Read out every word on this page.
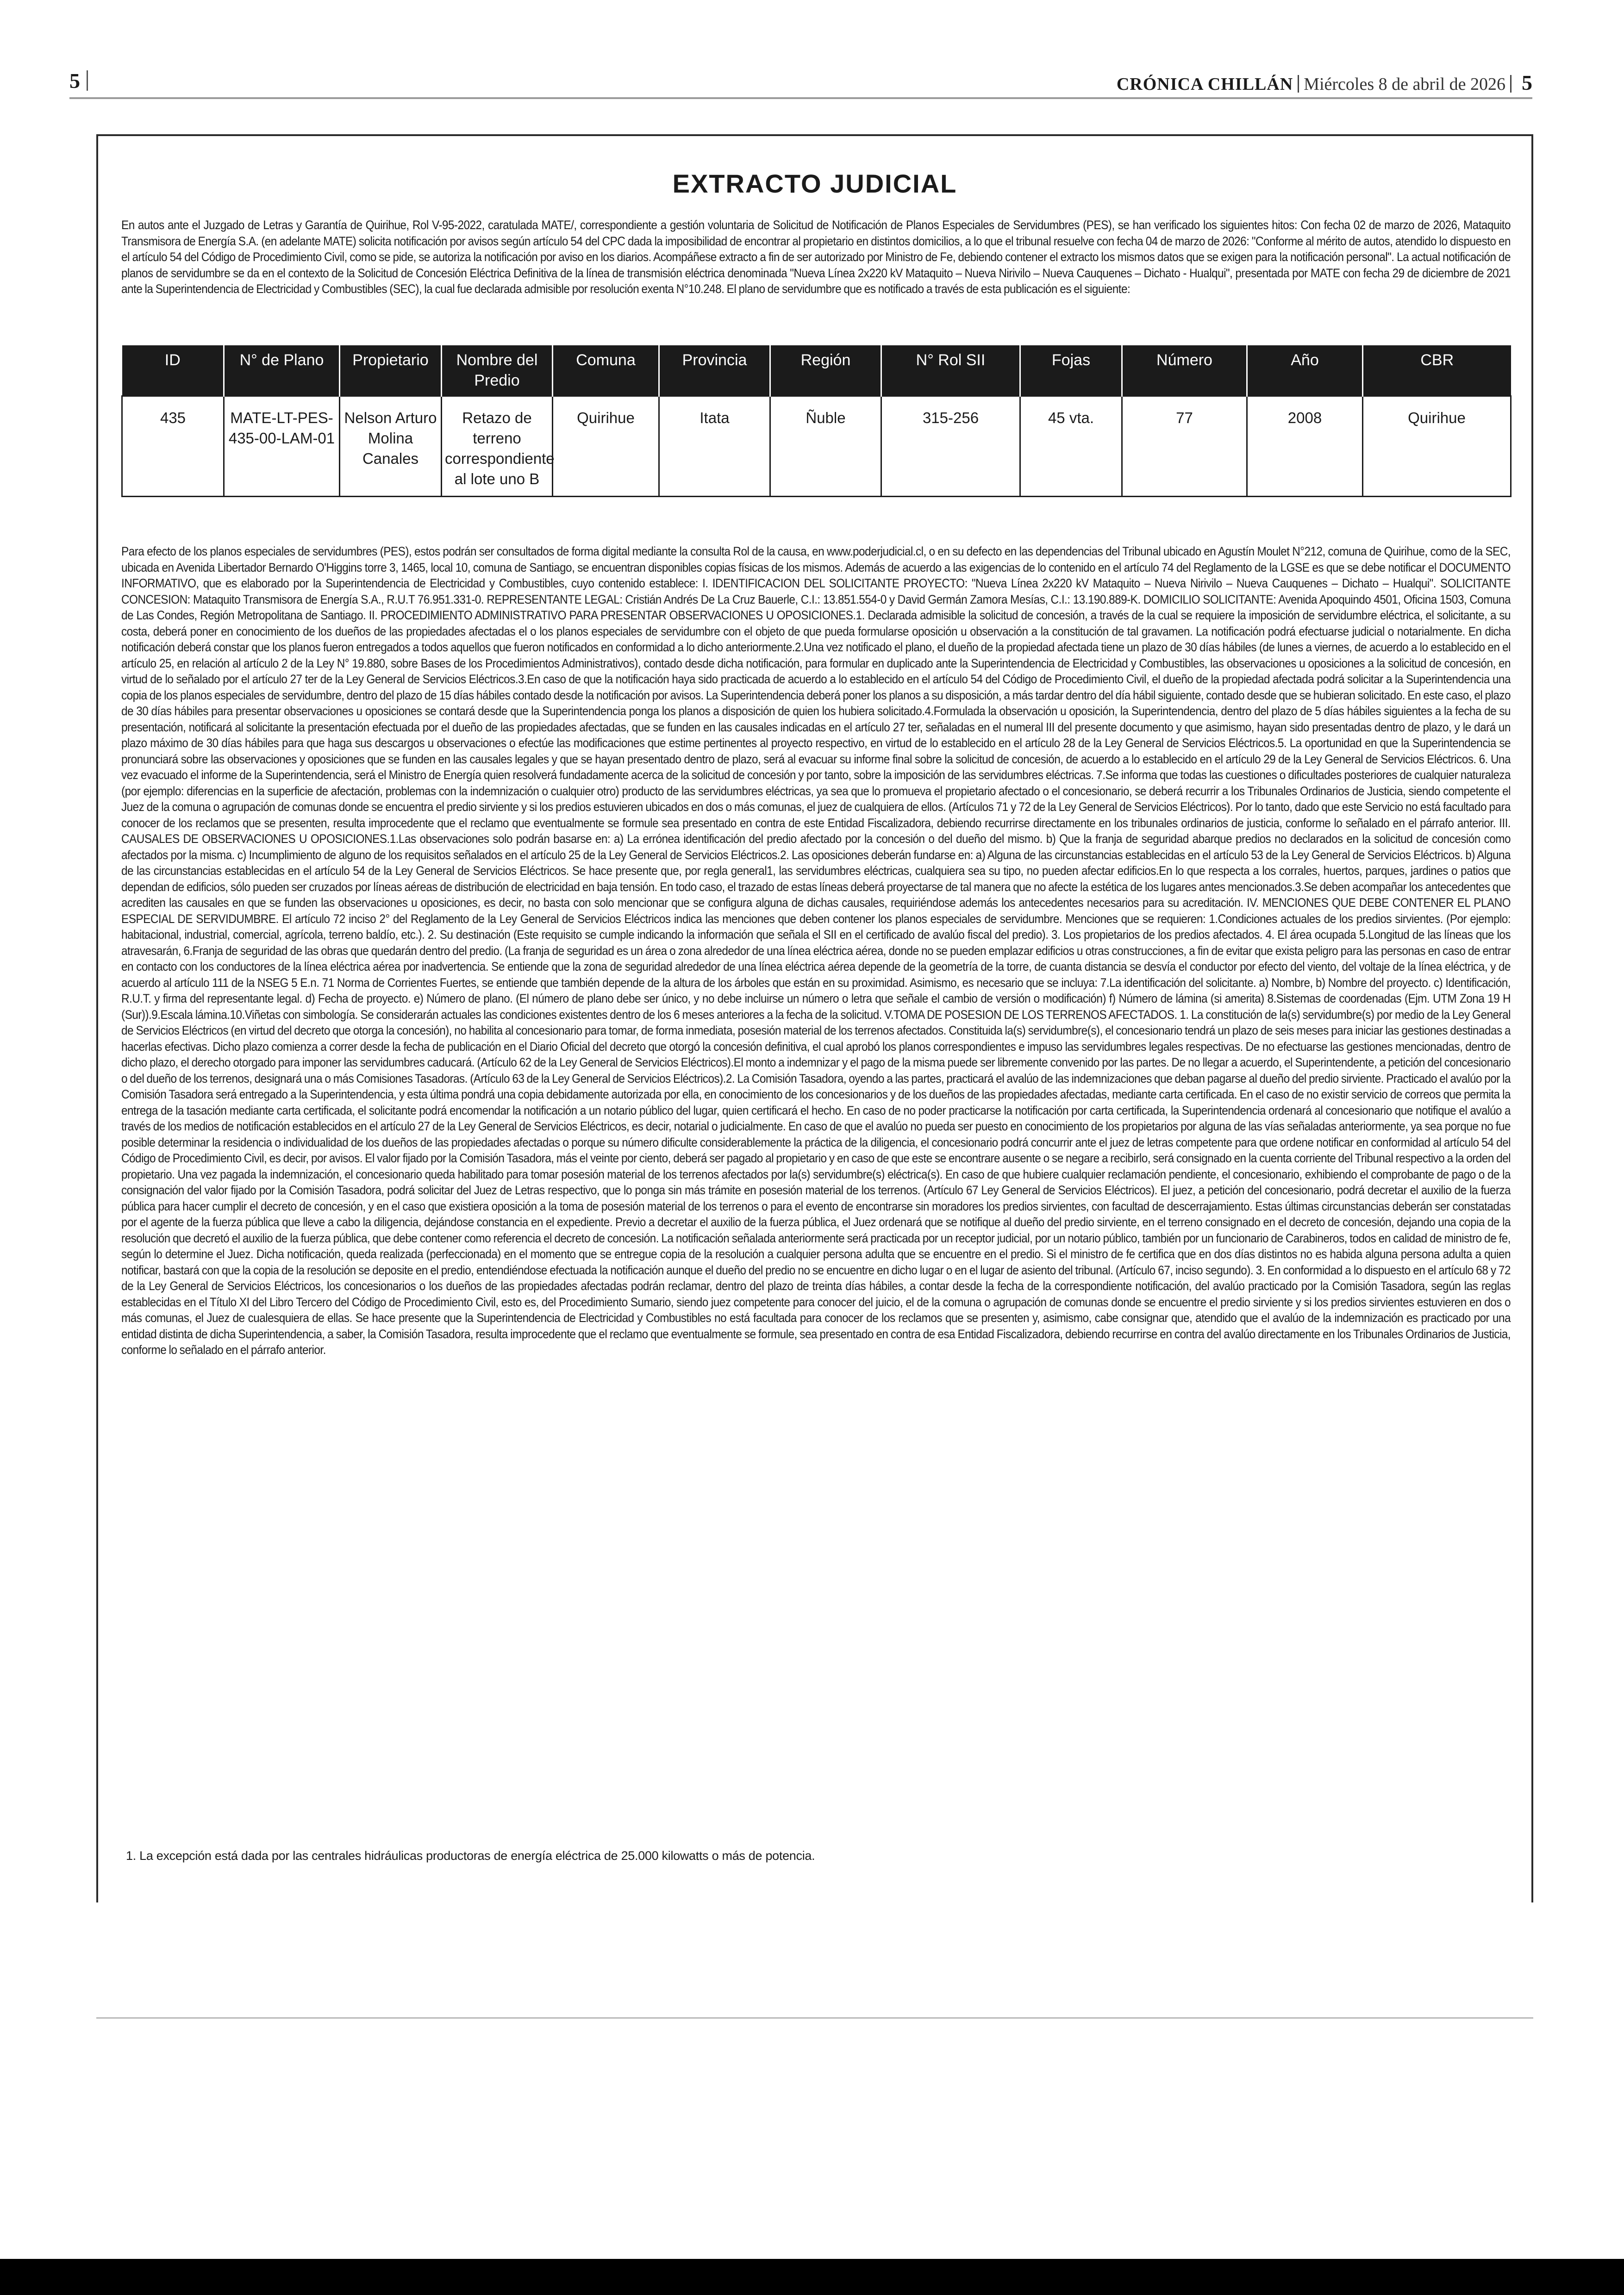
5	CRÓNICA CHILLÁN Miércoles 8 de abril de 2026 5
EXTRACTO JUDICIAL
En autos ante el Juzgado de Letras y Garantía de Quirihue, Rol V-95-2022, caratulada MATE/, correspondiente a gestión voluntaria de Solicitud de Notificación de Planos Especiales de Servidumbres (PES), se han verificado los siguientes hitos: Con fecha 02 de marzo de 2026, Mataquito Transmisora de Energía S.A. (en adelante MATE) solicita notificación por avisos según artículo 54 del CPC dada la imposibilidad de encontrar al propietario en distintos domicilios, a lo que el tribunal resuelve con fecha 04 de marzo de 2026: "Conforme al mérito de autos, atendido lo dispuesto en el artículo 54 del Código de Procedimiento Civil, como se pide, se autoriza la notificación por aviso en los diarios. Acompáñese extracto a fin de ser autorizado por Ministro de Fe, debiendo contener el extracto los mismos datos que se exigen para la notificación personal". La actual notificación de planos de servidumbre se da en el contexto de la Solicitud de Concesión Eléctrica Definitiva de la línea de transmisión eléctrica denominada "Nueva Línea 2x220 kV Mataquito – Nueva Nirivilo – Nueva Cauquenes – Dichato - Hualqui", presentada por MATE con fecha 29 de diciembre de 2021 ante la Superintendencia de Electricidad y Combustibles (SEC), la cual fue declarada admisible por resolución exenta N°10.248. El plano de servidumbre que es notificado a través de esta publicación es el siguiente:
ID	N° de Plano	Propietario	Nombre del Predio	Comuna	Provincia	Región	N° Rol SII	Fojas	Número	Año	CBR
435	MATE-LT-PES-435-00-LAM-01	Nelson Arturo Molina Canales	Retazo de terreno correspondiente al lote uno B	Quirihue	Itata	Ñuble	315-256	45 vta.	77	2008	Quirihue
Para efecto de los planos especiales de servidumbres (PES), estos podrán ser consultados de forma digital mediante la consulta Rol de la causa, en www.poderjudicial.cl, o en su defecto en las dependencias del Tribunal ubicado en Agustín Moulet N°212, comuna de Quirihue, como de la SEC, ubicada en Avenida Libertador Bernardo O'Higgins torre 3, 1465, local 10, comuna de Santiago, se encuentran disponibles copias físicas de los mismos. Además de acuerdo a las exigencias de lo contenido en el artículo 74 del Reglamento de la LGSE es que se debe notificar el DOCUMENTO INFORMATIVO, que es elaborado por la Superintendencia de Electricidad y Combustibles, cuyo contenido establece: I. IDENTIFICACION DEL SOLICITANTE PROYECTO: "Nueva Línea 2x220 kV Mataquito – Nueva Nirivilo – Nueva Cauquenes – Dichato – Hualqui". SOLICITANTE CONCESION: Mataquito Transmisora de Energía S.A., R.U.T 76.951.331-0. REPRESENTANTE LEGAL: Cristián Andrés De La Cruz Bauerle, C.I.: 13.851.554-0 y David Germán Zamora Mesías, C.I.: 13.190.889-K. DOMICILIO SOLICITANTE: Avenida Apoquindo 4501, Oficina 1503, Comuna de Las Condes, Región Metropolitana de Santiago. II. PROCEDIMIENTO ADMINISTRATIVO PARA PRESENTAR OBSERVACIONES U OPOSICIONES.1. Declarada admisible la solicitud de concesión, a través de la cual se requiere la imposición de servidumbre eléctrica, el solicitante, a su costa, deberá poner en conocimiento de los dueños de las propiedades afectadas el o los planos especiales de servidumbre con el objeto de que pueda formularse oposición u observación a la constitución de tal gravamen. La notificación podrá efectuarse judicial o notarialmente. En dicha notificación deberá constar que los planos fueron entregados a todos aquellos que fueron notificados en conformidad a lo dicho anteriormente.2.Una vez notificado el plano, el dueño de la propiedad afectada tiene un plazo de 30 días hábiles (de lunes a viernes, de acuerdo a lo establecido en el artículo 25, en relación al artículo 2 de la Ley N° 19.880, sobre Bases de los Procedimientos Administrativos), contado desde dicha notificación, para formular en duplicado ante la Superintendencia de Electricidad y Combustibles, las observaciones u oposiciones a la solicitud de concesión, en virtud de lo señalado por el artículo 27 ter de la Ley General de Servicios Eléctricos.3.En caso de que la notificación haya sido practicada de acuerdo a lo establecido en el artículo 54 del Código de Procedimiento Civil, el dueño de la propiedad afectada podrá solicitar a la Superintendencia una copia de los planos especiales de servidumbre, dentro del plazo de 15 días hábiles contado desde la notificación por avisos. La Superintendencia deberá poner los planos a su disposición, a más tardar dentro del día hábil siguiente, contado desde que se hubieran solicitado. En este caso, el plazo de 30 días hábiles para presentar observaciones u oposiciones se contará desde que la Superintendencia ponga los planos a disposición de quien los hubiera solicitado.4.Formulada la observación u oposición, la Superintendencia, dentro del plazo de 5 días hábiles siguientes a la fecha de su presentación, notificará al solicitante la presentación efectuada por el dueño de las propiedades afectadas, que se funden en las causales indicadas en el artículo 27 ter, señaladas en el numeral III del presente documento y que asimismo, hayan sido presentadas dentro de plazo, y le dará un plazo máximo de 30 días hábiles para que haga sus descargos u observaciones o efectúe las modificaciones que estime pertinentes al proyecto respectivo, en virtud de lo establecido en el artículo 28 de la Ley General de Servicios Eléctricos.5. La oportunidad en que la Superintendencia se pronunciará sobre las observaciones y oposiciones que se funden en las causales legales y que se hayan presentado dentro de plazo, será al evacuar su informe final sobre la solicitud de concesión, de acuerdo a lo establecido en el artículo 29 de la Ley General de Servicios Eléctricos. 6. Una vez evacuado el informe de la Superintendencia, será el Ministro de Energía quien resolverá fundadamente acerca de la solicitud de concesión y por tanto, sobre la imposición de las servidumbres eléctricas. 7.Se informa que todas las cuestiones o dificultades posteriores de cualquier naturaleza (por ejemplo: diferencias en la superficie de afectación, problemas con la indemnización o cualquier otro) producto de las servidumbres eléctricas, ya sea que lo promueva el propietario afectado o el concesionario, se deberá recurrir a los Tribunales Ordinarios de Justicia, siendo competente el Juez de la comuna o agrupación de comunas donde se encuentra el predio sirviente y si los predios estuvieren ubicados en dos o más comunas, el juez de cualquiera de ellos. (Artículos 71 y 72 de la Ley General de Servicios Eléctricos). Por lo tanto, dado que este Servicio no está facultado para conocer de los reclamos que se presenten, resulta improcedente que el reclamo que eventualmente se formule sea presentado en contra de este Entidad Fiscalizadora, debiendo recurrirse directamente en los tribunales ordinarios de justicia, conforme lo señalado en el párrafo anterior. III. CAUSALES DE OBSERVACIONES U OPOSICIONES.1.Las observaciones solo podrán basarse en: a) La errónea identificación del predio afectado por la concesión o del dueño del mismo. b) Que la franja de seguridad abarque predios no declarados en la solicitud de concesión como afectados por la misma. c) Incumplimiento de alguno de los requisitos señalados en el artículo 25 de la Ley General de Servicios Eléctricos.2. Las oposiciones deberán fundarse en: a) Alguna de las circunstancias establecidas en el artículo 53 de la Ley General de Servicios Eléctricos. b) Alguna de las circunstancias establecidas en el artículo 54 de la Ley General de Servicios Eléctricos. Se hace presente que, por regla general1, las servidumbres eléctricas, cualquiera sea su tipo, no pueden afectar edificios.En lo que respecta a los corrales, huertos, parques, jardines o patios que dependan de edificios, sólo pueden ser cruzados por líneas aéreas de distribución de electricidad en baja tensión. En todo caso, el trazado de estas líneas deberá proyectarse de tal manera que no afecte la estética de los lugares antes mencionados.3.Se deben acompañar los antecedentes que acrediten las causales en que se funden las observaciones u oposiciones, es decir, no basta con solo mencionar que se configura alguna de dichas causales, requiriéndose además los antecedentes necesarios para su acreditación. IV. MENCIONES QUE DEBE CONTENER EL PLANO ESPECIAL DE SERVIDUMBRE. El artículo 72 inciso 2° del Reglamento de la Ley General de Servicios Eléctricos indica las menciones que deben contener los planos especiales de servidumbre. Menciones que se requieren: 1.Condiciones actuales de los predios sirvientes. (Por ejemplo: habitacional, industrial, comercial, agrícola, terreno baldío, etc.). 2. Su destinación (Este requisito se cumple indicando la información que señala el SII en el certificado de avalúo fiscal del predio). 3. Los propietarios de los predios afectados. 4. El área ocupada 5.Longitud de las líneas que los atravesarán, 6.Franja de seguridad de las obras que quedarán dentro del predio. (La franja de seguridad es un área o zona alrededor de una línea eléctrica aérea, donde no se pueden emplazar edificios u otras construcciones, a fin de evitar que exista peligro para las personas en caso de entrar en contacto con los conductores de la línea eléctrica aérea por inadvertencia. Se entiende que la zona de seguridad alrededor de una línea eléctrica aérea depende de la geometría de la torre, de cuanta distancia se desvía el conductor por efecto del viento, del voltaje de la línea eléctrica, y de acuerdo al artículo 111 de la NSEG 5 E.n. 71 Norma de Corrientes Fuertes, se entiende que también depende de la altura de los árboles que están en su proximidad. Asimismo, es necesario que se incluya: 7.La identificación del solicitante. a) Nombre, b) Nombre del proyecto. c) Identificación, R.U.T. y firma del representante legal. d) Fecha de proyecto. e) Número de plano. (El número de plano debe ser único, y no debe incluirse un número o letra que señale el cambio de versión o modificación) f) Número de lámina (si amerita) 8.Sistemas de coordenadas (Ejm. UTM Zona 19 H (Sur)).9.Escala lámina.10.Viñetas con simbología. Se considerarán actuales las condiciones existentes dentro de los 6 meses anteriores a la fecha de la solicitud. V.TOMA DE POSESION DE LOS TERRENOS AFECTADOS. 1. La constitución de la(s) servidumbre(s) por medio de la Ley General de Servicios Eléctricos (en virtud del decreto que otorga la concesión), no habilita al concesionario para tomar, de forma inmediata, posesión material de los terrenos afectados. Constituida la(s) servidumbre(s), el concesionario tendrá un plazo de seis meses para iniciar las gestiones destinadas a hacerlas efectivas. Dicho plazo comienza a correr desde la fecha de publicación en el Diario Oficial del decreto que otorgó la concesión definitiva, el cual aprobó los planos correspondientes e impuso las servidumbres legales respectivas. De no efectuarse las gestiones mencionadas, dentro de dicho plazo, el derecho otorgado para imponer las servidumbres caducará. (Artículo 62 de la Ley General de Servicios Eléctricos).El monto a indemnizar y el pago de la misma puede ser libremente convenido por las partes. De no llegar a acuerdo, el Superintendente, a petición del concesionario o del dueño de los terrenos, designará una o más Comisiones Tasadoras. (Artículo 63 de la Ley General de Servicios Eléctricos).2. La Comisión Tasadora, oyendo a las partes, practicará el avalúo de las indemnizaciones que deban pagarse al dueño del predio sirviente. Practicado el avalúo por la Comisión Tasadora será entregado a la Superintendencia, y esta última pondrá una copia debidamente autorizada por ella, en conocimiento de los concesionarios y de los dueños de las propiedades afectadas, mediante carta certificada. En el caso de no existir servicio de correos que permita la entrega de la tasación mediante carta certificada, el solicitante podrá encomendar la notificación a un notario público del lugar, quien certificará el hecho. En caso de no poder practicarse la notificación por carta certificada, la Superintendencia ordenará al concesionario que notifique el avalúo a través de los medios de notificación establecidos en el artículo 27 de la Ley General de Servicios Eléctricos, es decir, notarial o judicialmente. En caso de que el avalúo no pueda ser puesto en conocimiento de los propietarios por alguna de las vías señaladas anteriormente, ya sea porque no fue posible determinar la residencia o individualidad de los dueños de las propiedades afectadas o porque su número dificulte considerablemente la práctica de la diligencia, el concesionario podrá concurrir ante el juez de letras competente para que ordene notificar en conformidad al artículo 54 del Código de Procedimiento Civil, es decir, por avisos. El valor fijado por la Comisión Tasadora, más el veinte por ciento, deberá ser pagado al propietario y en caso de que este se encontrare ausente o se negare a recibirlo, será consignado en la cuenta corriente del Tribunal respectivo a la orden del propietario. Una vez pagada la indemnización, el concesionario queda habilitado para tomar posesión material de los terrenos afectados por la(s) servidumbre(s) eléctrica(s). En caso de que hubiere cualquier reclamación pendiente, el concesionario, exhibiendo el comprobante de pago o de la consignación del valor fijado por la Comisión Tasadora, podrá solicitar del Juez de Letras respectivo, que lo ponga sin más trámite en posesión material de los terrenos. (Artículo 67 Ley General de Servicios Eléctricos). El juez, a petición del concesionario, podrá decretar el auxilio de la fuerza pública para hacer cumplir el decreto de concesión, y en el caso que existiera oposición a la toma de posesión material de los terrenos o para el evento de encontrarse sin moradores los predios sirvientes, con facultad de descerrajamiento. Estas últimas circunstancias deberán ser constatadas por el agente de la fuerza pública que lleve a cabo la diligencia, dejándose constancia en el expediente. Previo a decretar el auxilio de la fuerza pública, el Juez ordenará que se notifique al dueño del predio sirviente, en el terreno consignado en el decreto de concesión, dejando una copia de la resolución que decretó el auxilio de la fuerza pública, que debe contener como referencia el decreto de concesión. La notificación señalada anteriormente será practicada por un receptor judicial, por un notario público, también por un funcionario de Carabineros, todos en calidad de ministro de fe, según lo determine el Juez. Dicha notificación, queda realizada (perfeccionada) en el momento que se entregue copia de la resolución a cualquier persona adulta que se encuentre en el predio. Si el ministro de fe certifica que en dos días distintos no es habida alguna persona adulta a quien notificar, bastará con que la copia de la resolución se deposite en el predio, entendiéndose efectuada la notificación aunque el dueño del predio no se encuentre en dicho lugar o en el lugar de asiento del tribunal. (Artículo 67, inciso segundo). 3. En conformidad a lo dispuesto en el artículo 68 y 72 de la Ley General de Servicios Eléctricos, los concesionarios o los dueños de las propiedades afectadas podrán reclamar, dentro del plazo de treinta días hábiles, a contar desde la fecha de la correspondiente notificación, del avalúo practicado por la Comisión Tasadora, según las reglas establecidas en el Título XI del Libro Tercero del Código de Procedimiento Civil, esto es, del Procedimiento Sumario, siendo juez competente para conocer del juicio, el de la comuna o agrupación de comunas donde se encuentre el predio sirviente y si los predios sirvientes estuvieren en dos o más comunas, el Juez de cualesquiera de ellas. Se hace presente que la Superintendencia de Electricidad y Combustibles no está facultada para conocer de los reclamos que se presenten y, asimismo, cabe consignar que, atendido que el avalúo de la indemnización es practicado por una entidad distinta de dicha Superintendencia, a saber, la Comisión Tasadora, resulta improcedente que el reclamo que eventualmente se formule, sea presentado en contra de esa Entidad Fiscalizadora, debiendo recurrirse en contra del avalúo directamente en los Tribunales Ordinarios de Justicia, conforme lo señalado en el párrafo anterior.
1. La excepción está dada por las centrales hidráulicas productoras de energía eléctrica de 25.000 kilowatts o más de potencia.
